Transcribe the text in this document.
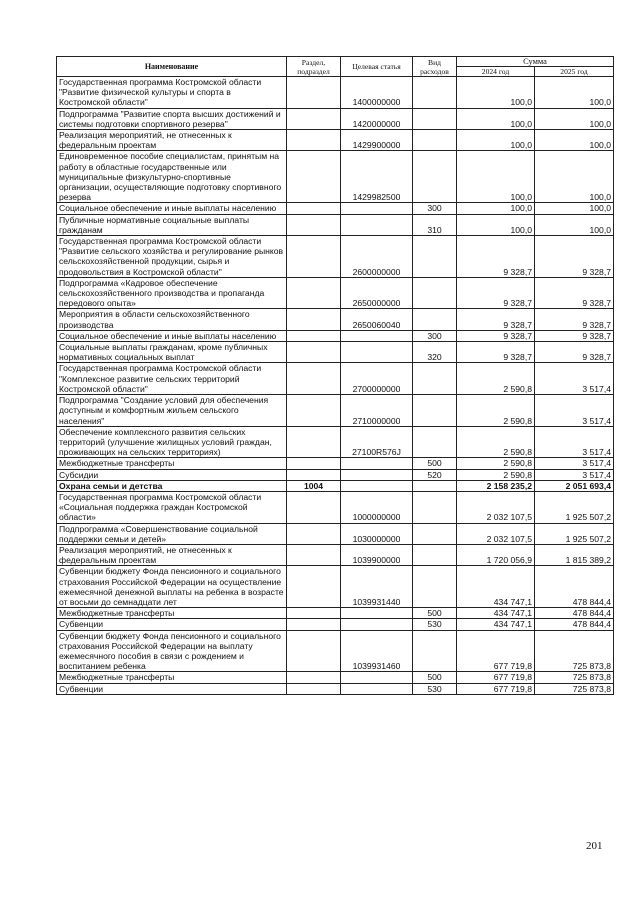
Наименование	Раздел, подраздел	Целевая статья	Вид расходов	Сумма	
				2024 год	2025 год
Государственная программа Костромской области "Развитие физической культуры и спорта в Костромской области"		1400000000		100,0	100,0
Подпрограмма "Развитие спорта высших достижений и системы подготовки спортивного резерва"		1420000000		100,0	100,0
Реализация мероприятий, не отнесенных к федеральным проектам		1429900000		100,0	100,0
Единовременное пособие специалистам, принятым на работу в областные государственные или муниципальные физкультурно-спортивные организации, осуществляющие подготовку спортивного резерва		1429982500		100,0	100,0
Социальное обеспечение и иные выплаты населению			300	100,0	100,0
Публичные нормативные социальные выплаты гражданам			310	100,0	100,0
Государственная программа Костромской области "Развитие сельского хозяйства и регулирование рынков сельскохозяйственной продукции, сырья и продовольствия в Костромской области"		2600000000		9 328,7	9 328,7
Подпрограмма «Кадровое обеспечение сельскохозяйственного производства и пропаганда передового опыта»		2650000000		9 328,7	9 328,7
Мероприятия в области сельскохозяйственного производства		2650060040		9 328,7	9 328,7
Социальное обеспечение и иные выплаты населению			300	9 328,7	9 328,7
Социальные выплаты гражданам, кроме публичных нормативных социальных выплат			320	9 328,7	9 328,7
Государственная программа Костромской области "Комплексное развитие сельских территорий Костромской области"		2700000000		2 590,8	3 517,4
Подпрограмма "Создание условий для обеспечения доступным и комфортным жильем сельского населения"		2710000000		2 590,8	3 517,4
Обеспечение комплексного развития сельских территорий (улучшение жилищных условий граждан, проживающих на сельских территориях)		27100R576J		2 590,8	3 517,4
Межбюджетные трансферты			500	2 590,8	3 517,4
Субсидии			520	2 590,8	3 517,4
Охрана семьи и детства	1004			2 158 235,2	2 051 693,4
Государственная программа Костромской области «Социальная поддержка граждан Костромской области»		1000000000		2 032 107,5	1 925 507,2
Подпрограмма «Совершенствование социальной поддержки семьи и детей»		1030000000		2 032 107,5	1 925 507,2
Реализация мероприятий, не отнесенных к федеральным проектам		1039900000		1 720 056,9	1 815 389,2
Субвенции бюджету Фонда пенсионного и социального страхования Российской Федерации на осуществление ежемесячной денежной выплаты на ребенка в возрасте от восьми до семнадцати лет		1039931440		434 747,1	478 844,4
Межбюджетные трансферты			500	434 747,1	478 844,4
Субвенции			530	434 747,1	478 844,4
Субвенции бюджету Фонда пенсионного и социального страхования Российской Федерации на выплату ежемесячного пособия в связи с рождением и воспитанием ребенка		1039931460		677 719,8	725 873,8
Межбюджетные трансферты			500	677 719,8	725 873,8
Субвенции			530	677 719,8	725 873,8
201
